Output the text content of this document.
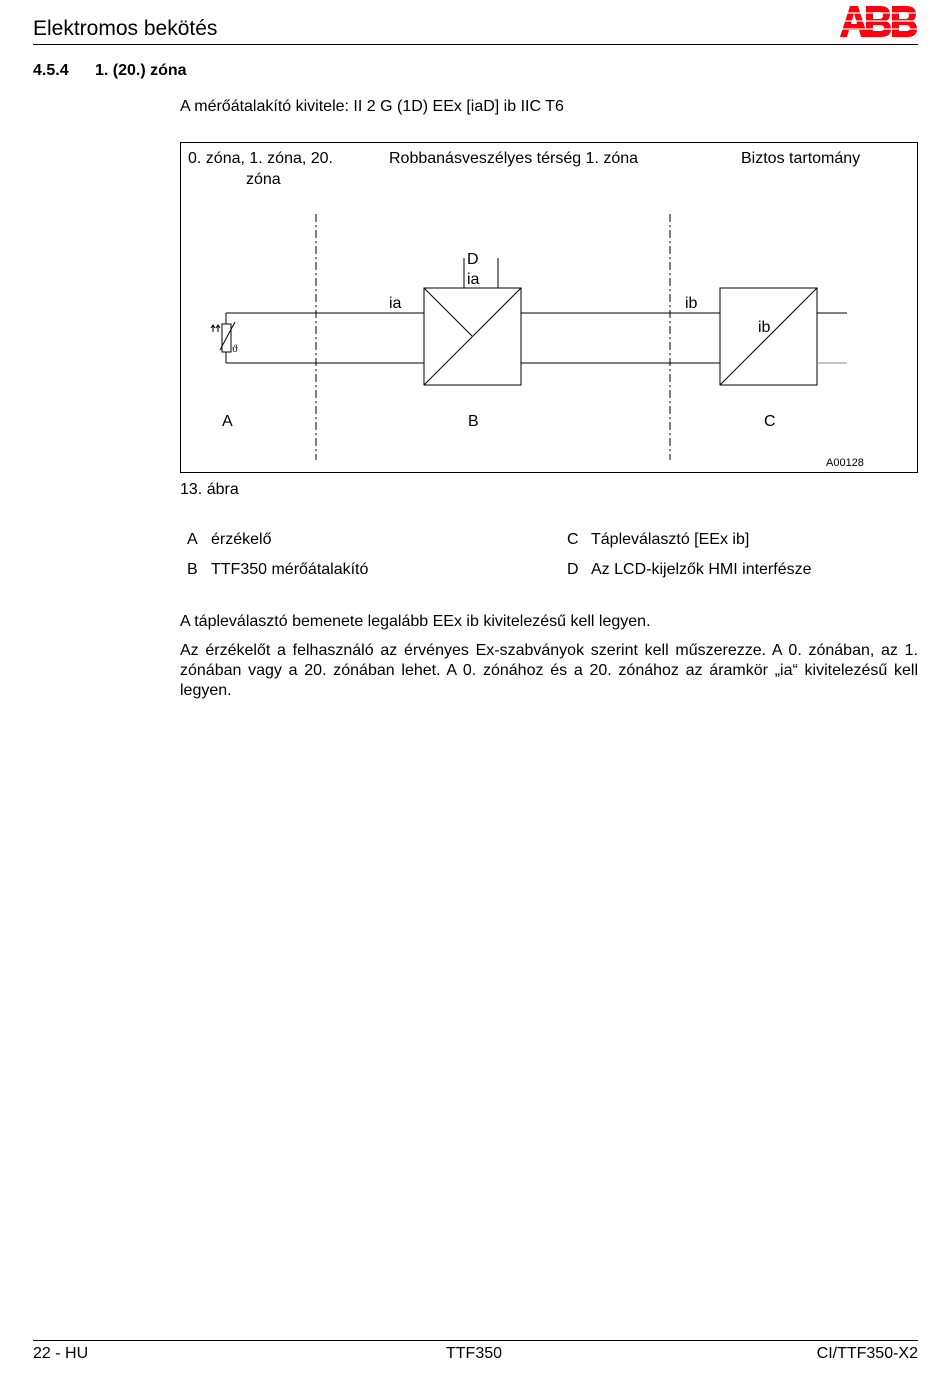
Elektromos bekötés
4.5.4 1. (20.) zóna
A mérőátalakító kivitele: II 2 G (1D) EEx [iaD] ib IIC T6
0. zóna, 1. zóna, 20.
zóna
Robbanásveszélyes térség 1. zóna	Biztos tartomány
ϑ
D
ia
ia	ib
ib
A	B	C
A00128
13. ábra
A érzékelő
B TTF350 mérőátalakító
C Tápleválasztó [EEx ib]
D Az LCD-kijelzők HMI interfésze
A tápleválasztó bemenete legalább EEx ib kivitelezésű kell legyen.
Az érzékelőt a felhasználó az érvényes Ex-szabványok szerint kell műszerezze. A 0. zónában, az 1. zónában vagy a 20. zónában lehet. A 0. zónához és a 20. zónához az áramkör „ia“ kivitelezésű kell legyen.
22 - HU	TTF350	CI/TTF350-X2
